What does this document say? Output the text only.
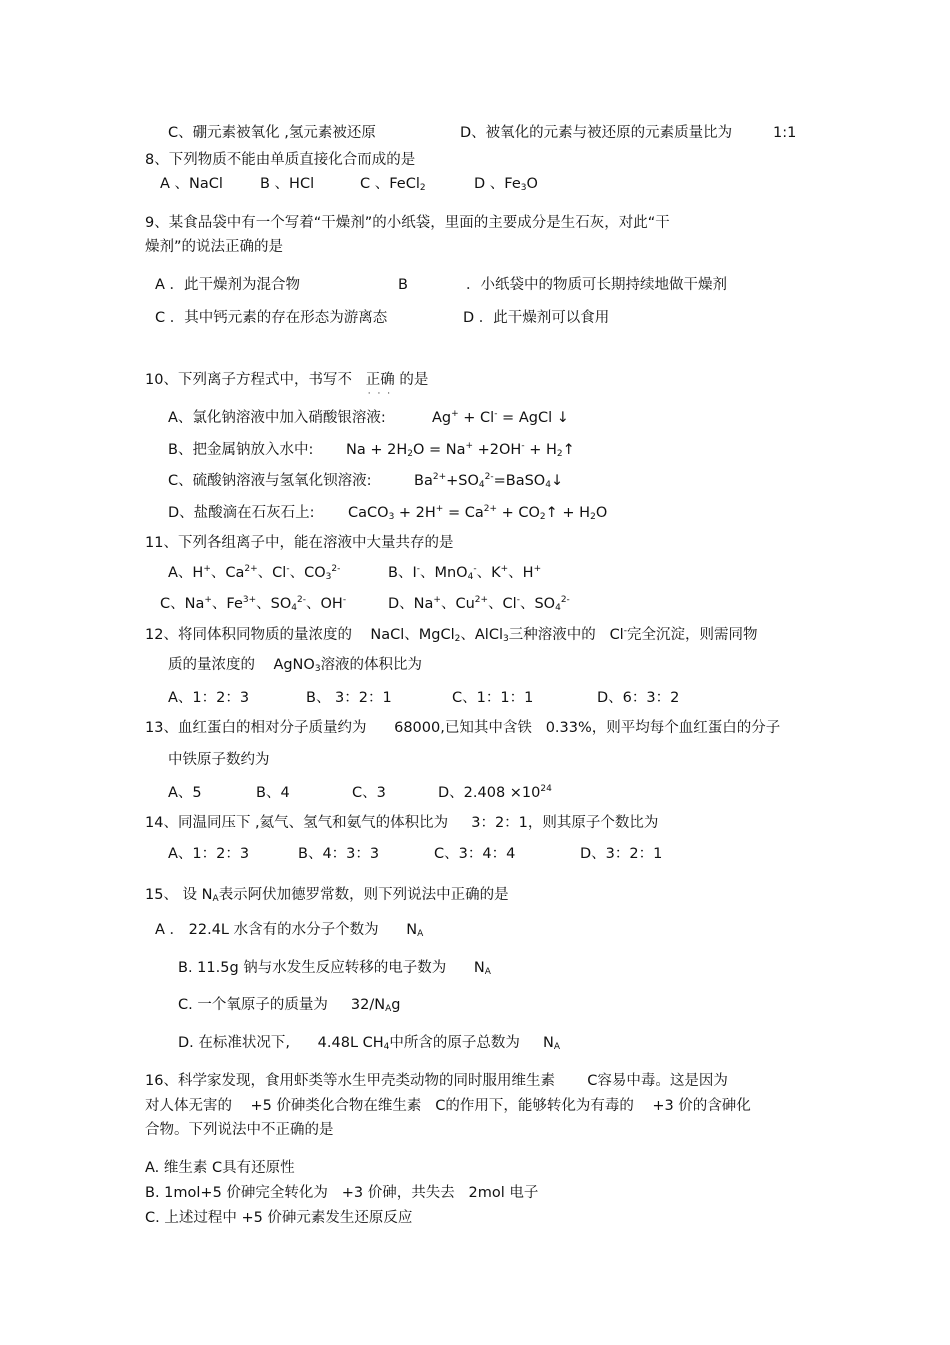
C、硼元素被氧化 ,氢元素被还原	D、被氧化的元素与被还原的元素质量比为	1:1
8、下列物质不能由单质直接化合而成的是
A 、NaCl	B 、HCl	C 、FeCl$_2$	D 、$Fe_3O$
9、某食品袋中有一个写着“干燥剂”的小纸袋，里面的主要成分是生石灰，对此“干
燥剂”的说法正确的是
A ．此干燥剂为混合物	B	．小纸袋中的物质可长期持续地做干燥剂
C ．其中钙元素的存在形态为游离态	D ．此干燥剂可以食用
10、下列离子方程式中，书写不 正确 · · · 的是
A、氯化钠溶液中加入硝酸银溶液:	Ag+ + Cl- = AgCl ↓
B、把金属钠放入水中: $Na + 2H_2O = Na^+ +2OH^-$ + $H_2↑$
C、硫酸钠溶液与氢氧化钡溶液:	$Ba^{2+}+SO_4^{2-}=BaSO_4↓$
D、盐酸滴在石灰石上: CaCO$_3$ + $2H^+ = Ca^{2+}$ + $CO_2↑ + H_2O$
11、下列各组离子中，能在溶液中大量共存的是
A、H+、$Ca^{2+}$、Cl-、$CO_3^{2-}$	B、I-、MnO$_4$-、K+、H+
C、Na+、$Fe^{3+}$、$SO_4^{2-}$、OH-	D、Na+、$Cu^{2+}$、Cl-、$SO_4^{2-}$
12、将同体积同物质的量浓度的 NaCl、MgCl$_2$、AlCl$_3$三种溶液中的 Cl-完全沉淀，则需同物
质的量浓度的 AgNO$_3$溶液的体积比为
A、1：2：3	B、 3：2：1	C、1：1：1	D、6：3：2
13、血红蛋白的相对分子质量约为 68000,已知其中含铁 0.33%，则平均每个血红蛋白的分子
中铁原子数约为
A、5	B、4	C、3	D、$2.408 \times 10^{24}$
14、同温同压下 ,氦气、氢气和氨气的体积比为 3：2：1，则其原子个数比为
A、1：2：3	B、4：3：3	C、3：4：4	D、3：2：1
15、 设 $N_A$表示阿伏加德罗常数，则下列说法中正确的是
A ． 22.4L 水含有的水分子个数为 $N_A$
B. 11.5g 钠与水发生反应转移的电子数为 $N_A$
C. 一个氧原子的质量为 $32/N_Ag$
D. 在标准状况下, 4.48L $CH_4$中所含的原子总数为 $N_A$
16、科学家发现，食用虾类等水生甲壳类动物的同时服用维生素 C容易中毒。这是因为
对人体无害的 +5 价砷类化合物在维生素 C的作用下，能够转化为有毒的 +3 价的含砷化
合物。下列说法中不正确的是
A. 维生素 C具有还原性
B. 1mol+5 价砷完全转化为 +3 价砷，共失去 2mol 电子
C. 上述过程中 +5 价砷元素发生还原反应
